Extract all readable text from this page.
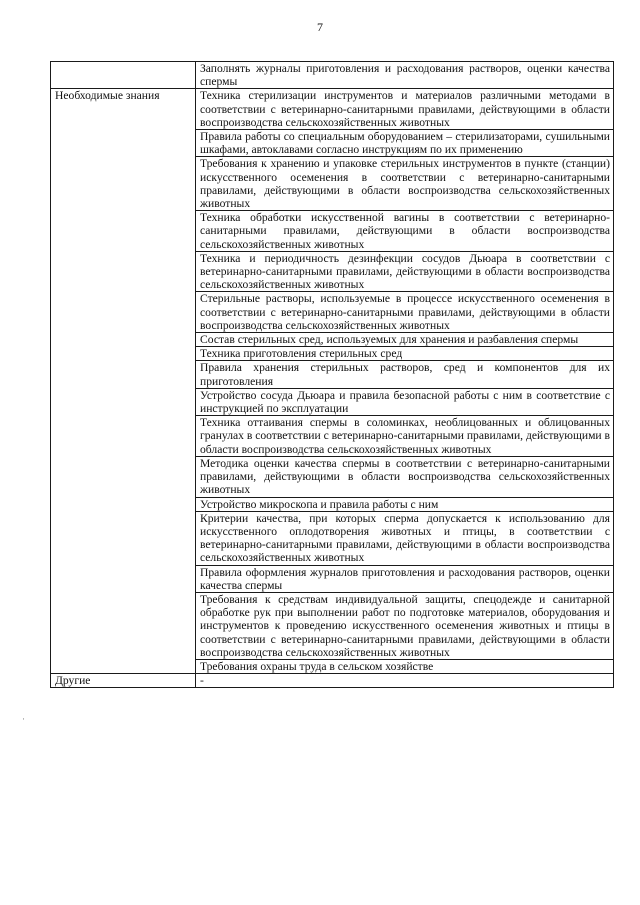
7
·

	Заполнять журналы приготовления и расходования растворов, оценки качества спермы

Необходимые знания	Техника стерилизации инструментов и материалов различными методами в соответствии с ветеринарно-санитарными правилами, действующими в области воспроизводства сельскохозяйственных животных

	Правила работы со специальным оборудованием – стерилизаторами, сушильными шкафами, автоклавами согласно инструкциям по их применению

	Требования к хранению и упаковке стерильных инструментов в пункте (станции) искусственного осеменения в соответствии с ветеринарно-санитарными правилами, действующими в области воспроизводства сельскохозяйственных животных

	Техника обработки искусственной вагины в соответствии с ветеринарно-санитарными правилами, действующими в области воспроизводства сельскохозяйственных животных

	Техника и периодичность дезинфекции сосудов Дьюара в соответствии с ветеринарно-санитарными правилами, действующими в области воспроизводства сельскохозяйственных животных

	Стерильные растворы, используемые в процессе искусственного осеменения в соответствии с ветеринарно-санитарными правилами, действующими в области воспроизводства сельскохозяйственных животных

	Состав стерильных сред, используемых для хранения и разбавления спермы

	Техника приготовления стерильных сред

	Правила хранения стерильных растворов, сред и компонентов для их приготовления

	Устройство сосуда Дьюара и правила безопасной работы с ним в соответствие с инструкцией по эксплуатации

	Техника оттаивания спермы в соломинках, необлицованных и облицованных гранулах в соответствии с ветеринарно-санитарными правилами, действующими в области воспроизводства сельскохозяйственных животных

	Методика оценки качества спермы в соответствии с ветеринарно-санитарными правилами, действующими в области воспроизводства сельскохозяйственных животных

	Устройство микроскопа и правила работы с ним

	Критерии качества, при которых сперма допускается к использованию для искусственного оплодотворения животных и птицы, в соответствии с ветеринарно-санитарными правилами, действующими в области воспроизводства сельскохозяйственных животных

	Правила оформления журналов приготовления и расходования растворов, оценки качества спермы

	Требования к средствам индивидуальной защиты, спецодежде и санитарной обработке рук при выполнении работ по подготовке материалов, оборудования и инструментов к проведению искусственного осеменения животных и птицы в соответствии с ветеринарно-санитарными правилами, действующими в области воспроизводства сельскохозяйственных животных

	Требования охраны труда в сельском хозяйстве

Другие	-
